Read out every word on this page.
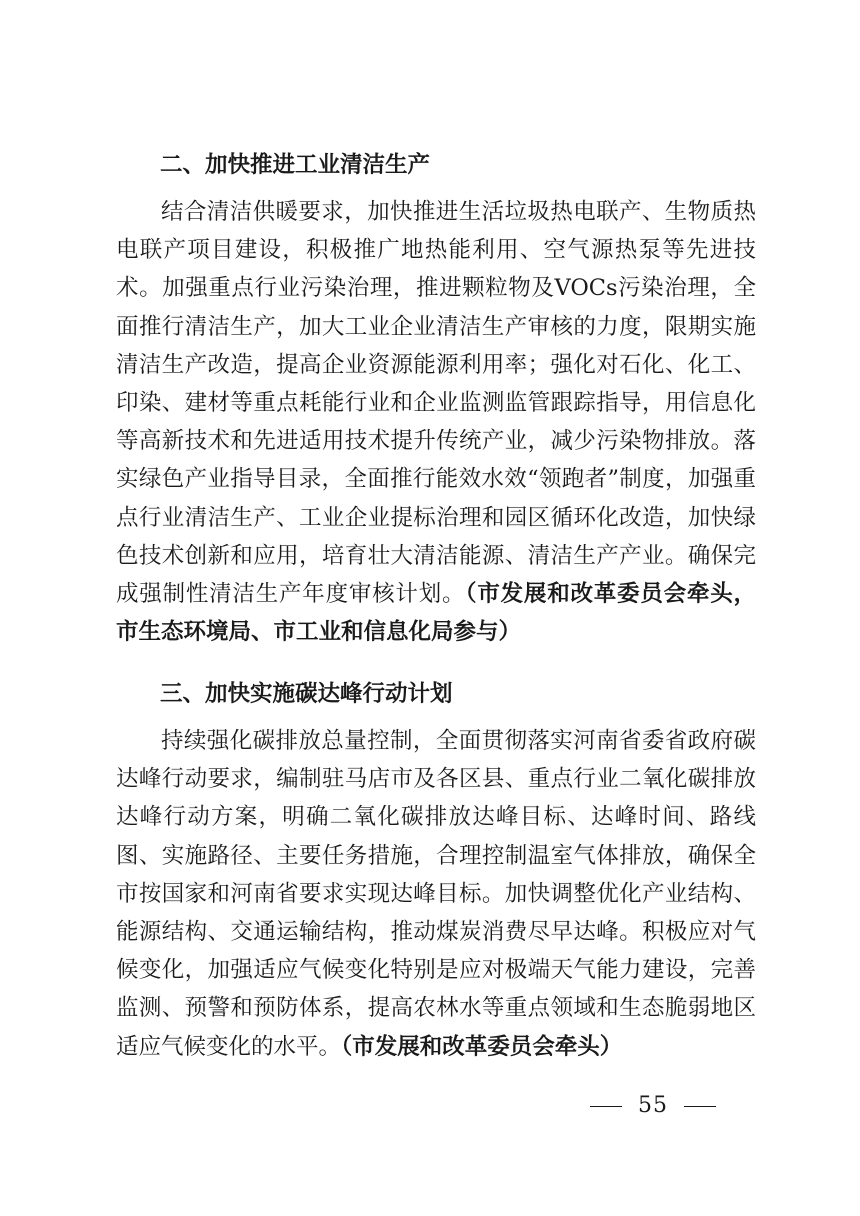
二、加快推进工业清洁生产
结合清洁供暖要求，加快推进生活垃圾热电联产、生物质热电联产项目建设，积极推广地热能利用、空气源热泵等先进技术。加强重点行业污染治理，推进颗粒物及VOCs污染治理，全面推行清洁生产，加大工业企业清洁生产审核的力度，限期实施清洁生产改造，提高企业资源能源利用率；强化对石化、化工、印染、建材等重点耗能行业和企业监测监管跟踪指导，用信息化等高新技术和先进适用技术提升传统产业，减少污染物排放。落实绿色产业指导目录，全面推行能效水效“领跑者”制度，加强重点行业清洁生产、工业企业提标治理和园区循环化改造，加快绿色技术创新和应用，培育壮大清洁能源、清洁生产产业。确保完成强制性清洁生产年度审核计划。（市发展和改革委员会牵头，市生态环境局、市工业和信息化局参与）
三、加快实施碳达峰行动计划
持续强化碳排放总量控制，全面贯彻落实河南省委省政府碳达峰行动要求，编制驻马店市及各区县、重点行业二氧化碳排放达峰行动方案，明确二氧化碳排放达峰目标、达峰时间、路线图、实施路径、主要任务措施，合理控制温室气体排放，确保全市按国家和河南省要求实现达峰目标。加快调整优化产业结构、能源结构、交通运输结构，推动煤炭消费尽早达峰。积极应对气候变化，加强适应气候变化特别是应对极端天气能力建设，完善监测、预警和预防体系，提高农林水等重点领域和生态脆弱地区适应气候变化的水平。（市发展和改革委员会牵头）
55
